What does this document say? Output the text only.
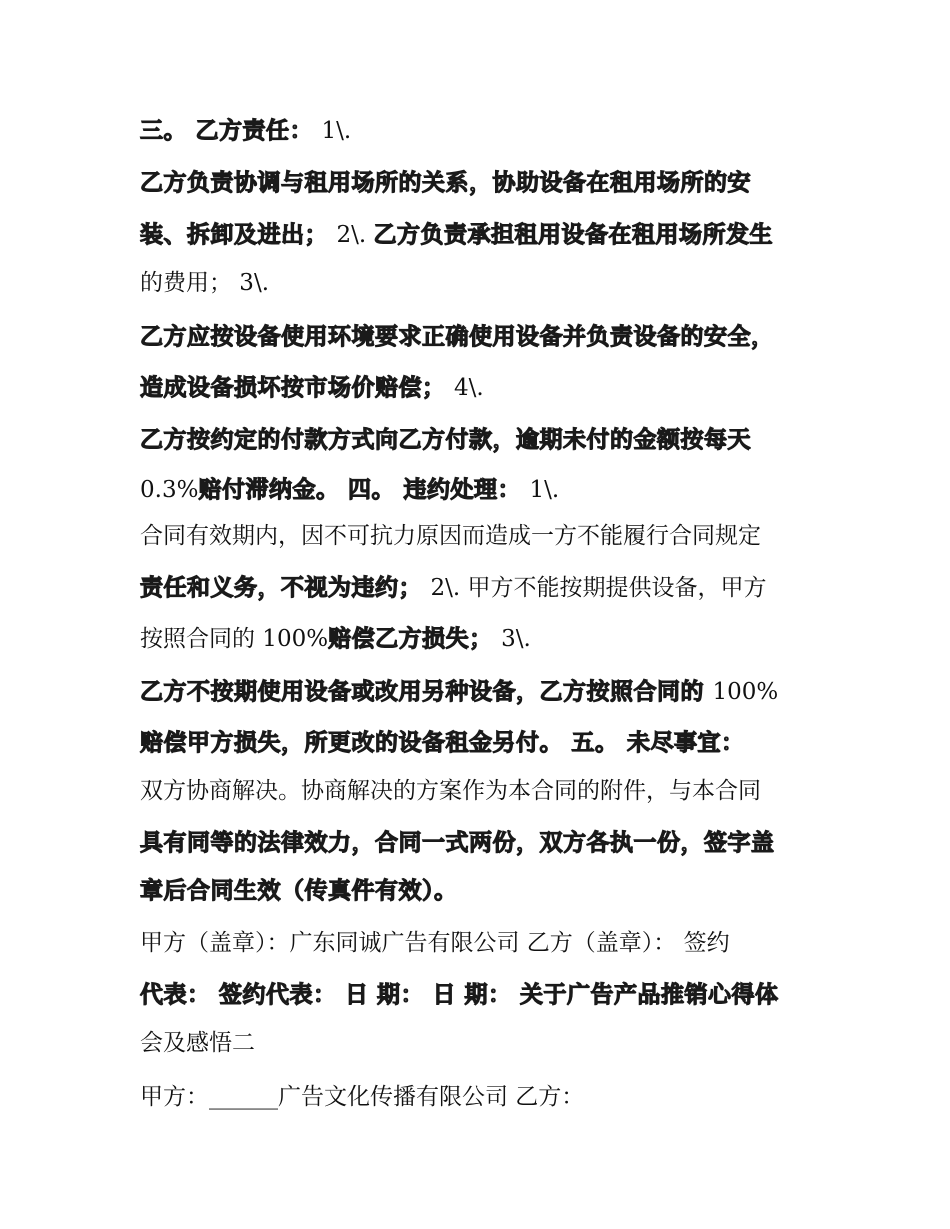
三。 乙方责任： 1\.
乙方负责协调与租用场所的关系，协助设备在租用场所的安
装、拆卸及进出； 2\. 乙方负责承担租用设备在租用场所发生
的费用； 3\.
乙方应按设备使用环境要求正确使用设备并负责设备的安全，
造成设备损坏按市场价赔偿； 4\.
乙方按约定的付款方式向乙方付款，逾期未付的金额按每天
0.3%赔付滞纳金。 四。 违约处理： 1\.
合同有效期内，因不可抗力原因而造成一方不能履行合同规定
责任和义务，不视为违约； 2\. 甲方不能按期提供设备，甲方
按照合同的 100%赔偿乙方损失； 3\.
乙方不按期使用设备或改用另种设备，乙方按照合同的 100%
赔偿甲方损失，所更改的设备租金另付。 五。 未尽事宜：
双方协商解决。协商解决的方案作为本合同的附件，与本合同
具有同等的法律效力，合同一式两份，双方各执一份，签字盖
章后合同生效（传真件有效）。
甲方（盖章）：广东同诚广告有限公司 乙方（盖章）： 签约
代表： 签约代表： 日 期： 日 期： 关于广告产品推销心得体
会及感悟二
甲方：______广告文化传播有限公司 乙方：
